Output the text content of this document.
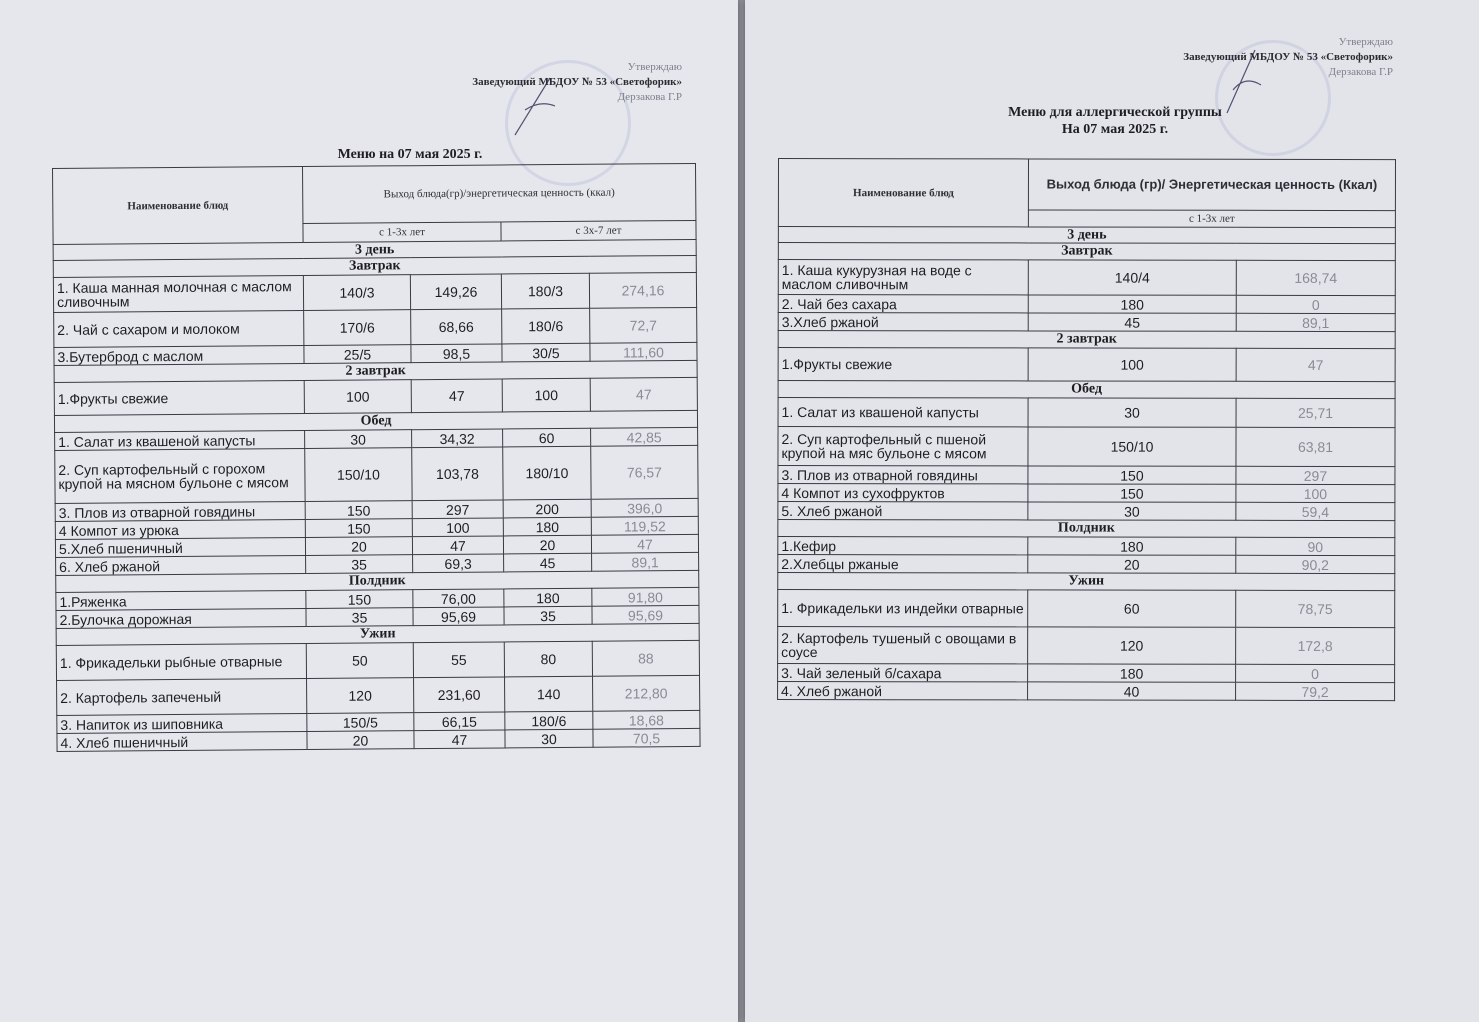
Утверждаю
Заведующий МБДОУ № 53 «Светофорик»
Дерзакова Г.Р
Меню на 07 мая 2025 г.
Наименование блюд	Выход блюда(гр)/энергетическая ценность (ккал)			
	с 1-3х лет		с 3х-7 лет	
3 день				
Завтрак				
1. Каша манная молочная с маслом сливочным	140/3	149,26	180/3	274,16
2. Чай с сахаром и молоком	170/6	68,66	180/6	72,7
3.Бутерброд с маслом	25/5	98,5	30/5	111,60
2 завтрак				
1.Фрукты свежие	100	47	100	47
Обед				
1. Салат из квашеной капусты	30	34,32	60	42,85
2. Суп картофельный с горохом крупой на мясном бульоне с мясом	150/10	103,78	180/10	76,57
3. Плов из отварной говядины	150	297	200	396,0
4 Компот из урюка	150	100	180	119,52
5.Хлеб пшеничный	20	47	20	47
6. Хлеб ржаной	35	69,3	45	89,1
Полдник				
1.Ряженка	150	76,00	180	91,80
2.Булочка дорожная	35	95,69	35	95,69
Ужин				
1. Фрикадельки рыбные отварные	50	55	80	88
2. Картофель запеченый	120	231,60	140	212,80
3. Напиток из шиповника	150/5	66,15	180/6	18,68
4. Хлеб пшеничный	20	47	30	70,5
Утверждаю
Заведующий МБДОУ № 53 «Светофорик»
Дерзакова Г.Р
Меню для аллергической группы
На 07 мая 2025 г.
Наименование блюд	Выход блюда (гр)/ Энергетическая ценность (Ккал)	
	с 1-3х лет	
3 день		
Завтрак		
1. Каша кукурузная на воде с маслом сливочным	140/4	168,74
2. Чай без сахара	180	0
3.Хлеб ржаной	45	89,1
2 завтрак		
1.Фрукты свежие	100	47
Обед		
1. Салат из квашеной капусты	30	25,71
2. Суп картофельный с пшеной крупой на мяс бульоне с мясом	150/10	63,81
3. Плов из отварной говядины	150	297
4 Компот из сухофруктов	150	100
5. Хлеб ржаной	30	59,4
Полдник		
1.Кефир	180	90
2.Хлебцы ржаные	20	90,2
Ужин		
1. Фрикадельки из индейки отварные	60	78,75
2. Картофель тушеный с овощами в соусе	120	172,8
3. Чай зеленый б/сахара	180	0
4. Хлеб ржаной	40	79,2
